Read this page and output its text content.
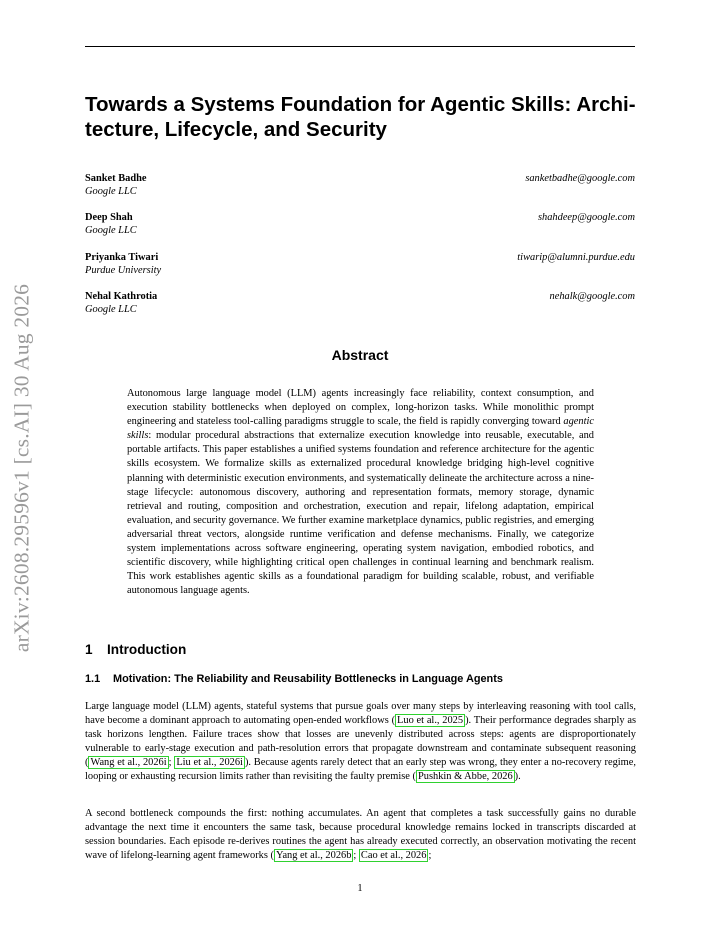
arXiv:2608.29596v1 [cs.AI] 30 Aug 2026
Towards a Systems Foundation for Agentic Skills: Archi-tecture, Lifecycle, and Security
Sanket Badhe
Google LLC
sanketbadhe@google.com
Deep Shah
Google LLC
shahdeep@google.com
Priyanka Tiwari
Purdue University
tiwarip@alumni.purdue.edu
Nehal Kathrotia
Google LLC
nehalk@google.com
Abstract

Autonomous large language model (LLM) agents increasingly face reliability, context consumption, and execution stability bottlenecks when deployed on complex, long-horizon tasks. While monolithic prompt engineering and stateless tool-calling paradigms struggle to scale, the field is rapidly converging toward agentic skills: modular procedural abstractions that externalize execution knowledge into reusable, executable, and portable artifacts. This paper establishes a unified systems foundation and reference architecture for the agentic skills ecosystem. We formalize skills as externalized procedural knowledge bridging high-level cognitive planning with deterministic execution environments, and systematically delineate the architecture across a nine-stage lifecycle: autonomous discovery, authoring and representation formats, memory storage, dynamic retrieval and routing, composition and orchestration, execution and repair, lifelong adaptation, empirical evaluation, and security governance. We further examine marketplace dynamics, public registries, and emerging adversarial threat vectors, alongside runtime verification and defense mechanisms. Finally, we categorize system implementations across software engineering, operating system navigation, embodied robotics, and scientific discovery, while highlighting critical open challenges in continual learning and benchmark realism. This work establishes agentic skills as a foundational paradigm for building scalable, robust, and verifiable autonomous language agents.

1 Introduction
1.1 Motivation: The Reliability and Reusability Bottlenecks in Language Agents

Large language model (LLM) agents, stateful systems that pursue goals over many steps by interleaving reasoning with tool calls, have become a dominant approach to automating open-ended workflows ( Luo et al., 2025 ). Their performance degrades sharply as task horizons lengthen. Failure traces show that losses are unevenly distributed across steps: agents are disproportionately vulnerable to early-stage execution and path-resolution errors that propagate downstream and contaminate subsequent reasoning ( Wang et al., 2026i ; Liu et al., 2026i ). Because agents rarely detect that an early step was wrong, they enter a no-recovery regime, looping or exhausting recursion limits rather than revisiting the faulty premise ( Pushkin & Abbe, 2026 ).

A second bottleneck compounds the first: nothing accumulates. An agent that completes a task successfully gains no durable advantage the next time it encounters the same task, because procedural knowledge remains locked in transcripts discarded at session boundaries. Each episode re-derives routines the agent has already executed correctly, an observation motivating the recent wave of lifelong-learning agent frameworks ( Yang et al., 2026b ; Cao et al., 2026 ;

1
